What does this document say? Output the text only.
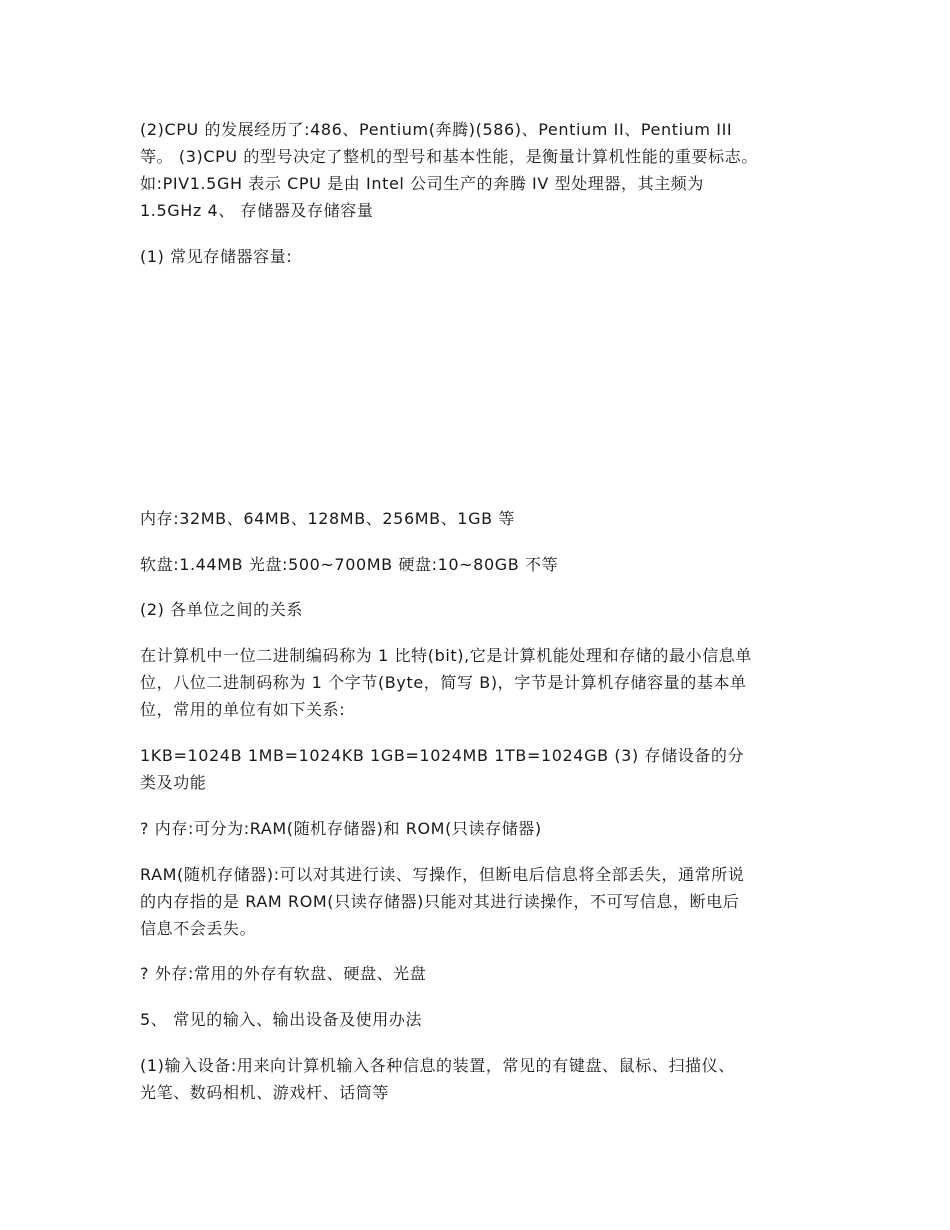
(2)CPU 的发展经历了:486、Pentium(奔腾)(586)、Pentium II、Pentium III
等。 (3)CPU 的型号决定了整机的型号和基本性能，是衡量计算机性能的重要标志。
如:PIV1.5GH 表示 CPU 是由 Intel 公司生产的奔腾 IV 型处理器，其主频为
1.5GHz 4、 存储器及存储容量
(1) 常见存储器容量:
内存:32MB、64MB、128MB、256MB、1GB 等
软盘:1.44MB 光盘:500~700MB 硬盘:10~80GB 不等
(2) 各单位之间的关系
在计算机中一位二进制编码称为 1 比特(bit),它是计算机能处理和存储的最小信息单
位，八位二进制码称为 1 个字节(Byte，简写 B)，字节是计算机存储容量的基本单
位，常用的单位有如下关系:
1KB=1024B 1MB=1024KB 1GB=1024MB 1TB=1024GB (3) 存储设备的分
类及功能
? 内存:可分为:RAM(随机存储器)和 ROM(只读存储器)
RAM(随机存储器):可以对其进行读、写操作，但断电后信息将全部丢失，通常所说
的内存指的是 RAM ROM(只读存储器)只能对其进行读操作，不可写信息，断电后
信息不会丢失。
? 外存:常用的外存有软盘、硬盘、光盘
5、 常见的输入、输出设备及使用办法
(1)输入设备:用来向计算机输入各种信息的装置，常见的有键盘、鼠标、扫描仪、
光笔、数码相机、游戏杆、话筒等
